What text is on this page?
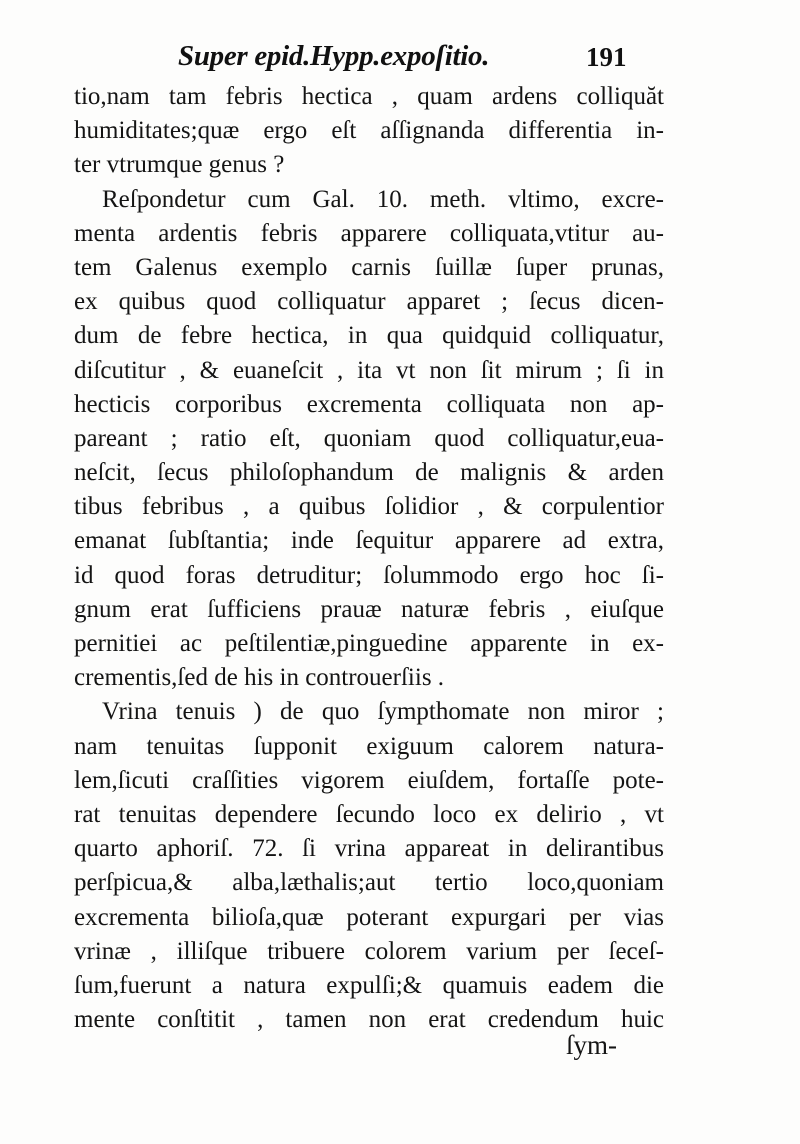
Super epid.Hypp.expoſitio.	191
tio,nam tam febris hectica , quam ardens colliquăt
humiditates;quæ ergo eſt aſſignanda differentia in-
ter vtrumque genus ?
Reſpondetur cum Gal. 10. meth. vltimo, excre-
menta ardentis febris apparere colliquata,vtitur au-
tem Galenus exemplo carnis ſuillæ ſuper prunas,
ex quibus quod colliquatur apparet ; ſecus dicen-
dum de febre hectica, in qua quidquid colliquatur,
diſcutitur , & euaneſcit , ita vt non ſit mirum ; ſi in
hecticis corporibus excrementa colliquata non ap-
pareant ; ratio eſt, quoniam quod colliquatur,eua-
neſcit, ſecus philoſophandum de malignis & arden
tibus febribus , a quibus ſolidior , & corpulentior
emanat ſubſtantia; inde ſequitur apparere ad extra,
id quod foras detruditur; ſolummodo ergo hoc ſi-
gnum erat ſufficiens prauæ naturæ febris , eiuſque
pernitiei ac peſtilentiæ,pinguedine apparente in ex-
crementis,ſed de his in controuerſiis .
Vrina tenuis ) de quo ſympthomate non miror ;
nam tenuitas ſupponit exiguum calorem natura-
lem,ſicuti craſſities vigorem eiuſdem, fortaſſe pote-
rat tenuitas dependere ſecundo loco ex delirio , vt
quarto aphoriſ. 72. ſi vrina appareat in delirantibus
perſpicua,& alba,læthalis;aut tertio loco,quoniam
excrementa bilioſa,quæ poterant expurgari per vias
vrinæ , illiſque tribuere colorem varium per ſeceſ-
ſum,fuerunt a natura expulſi;& quamuis eadem die
mente conſtitit , tamen non erat credendum huic
ſym-
